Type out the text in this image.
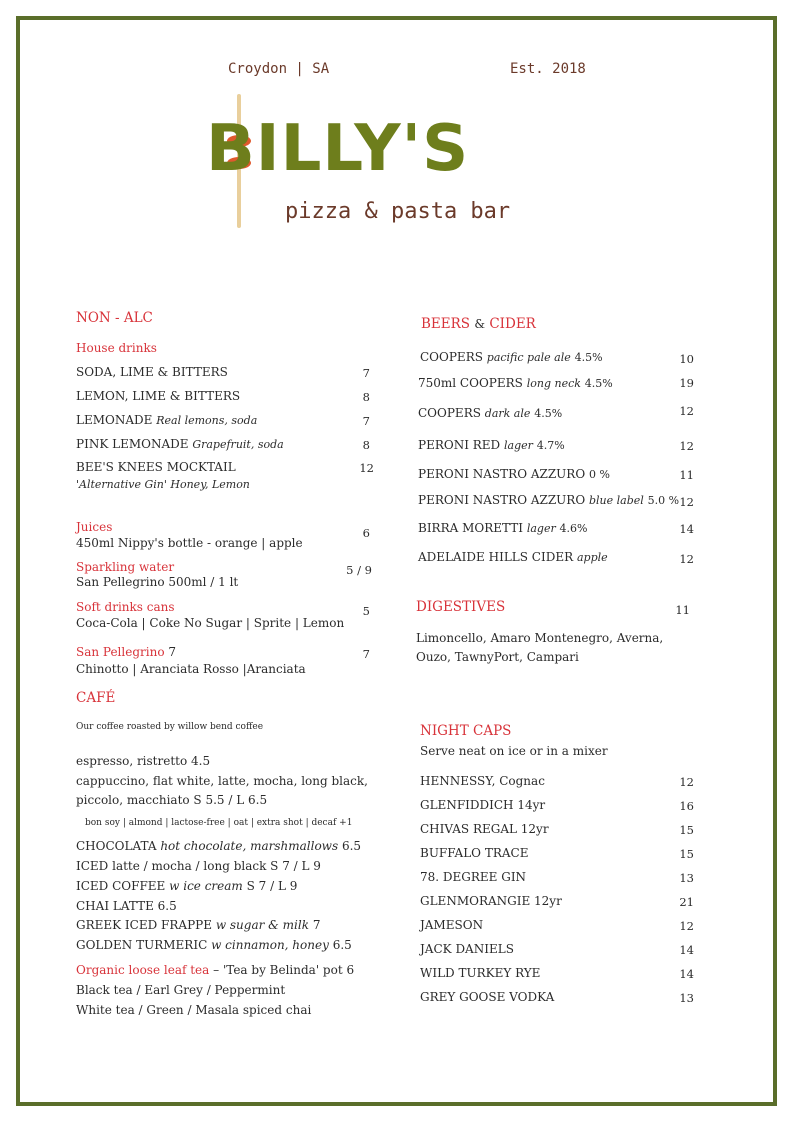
Croydon | SA	Est. 2018
BILLY'S
pizza & pasta bar
NON - ALC
House drinks
SODA, LIME & BITTERS	7
LEMON, LIME & BITTERS	8
LEMONADE Real lemons, soda	7
PINK LEMONADE Grapefruit, soda	8
BEE'S KNEES MOCKTAIL	12
'Alternative Gin' Honey, Lemon
Juices	6
450ml Nippy's bottle - orange | apple
Sparkling water	5 / 9
San Pellegrino 500ml / 1 lt
Soft drinks cans	5
Coca-Cola | Coke No Sugar | Sprite | Lemon
San Pellegrino 7	7
Chinotto | Aranciata Rosso |Aranciata
CAFÉ
Our coffee roasted by willow bend coffee
espresso, ristretto 4.5
cappuccino, flat white, latte, mocha, long black,
piccolo, macchiato S 5.5 / L 6.5
bon soy | almond | lactose-free | oat | extra shot | decaf +1
CHOCOLATA hot chocolate, marshmallows 6.5
ICED latte / mocha / long black S 7 / L 9
ICED COFFEE w ice cream S 7 / L 9
CHAI LATTE 6.5
GREEK ICED FRAPPE w sugar & milk 7
GOLDEN TURMERIC w cinnamon, honey 6.5
Organic loose leaf tea – 'Tea by Belinda' pot 6
Black tea / Earl Grey / Peppermint
White tea / Green / Masala spiced chai
BEERS & CIDER
COOPERS pacific pale ale 4.5%	10
750ml COOPERS long neck 4.5%	19
COOPERS dark ale 4.5%	12
PERONI RED lager 4.7%	12
PERONI NASTRO AZZURO 0 %	11
PERONI NASTRO AZZURO blue label 5.0 % 12
BIRRA MORETTI lager 4.6%	14
ADELAIDE HILLS CIDER apple	12
DIGESTIVES	11
Limoncello, Amaro Montenegro, Averna,
Ouzo, TawnyPort, Campari
NIGHT CAPS
Serve neat on ice or in a mixer
HENNESSY, Cognac	12
GLENFIDDICH 14yr	16
CHIVAS REGAL 12yr	15
BUFFALO TRACE	15
78. DEGREE GIN	13
GLENMORANGIE 12yr	21
JAMESON	12
JACK DANIELS	14
WILD TURKEY RYE	14
GREY GOOSE VODKA	13
